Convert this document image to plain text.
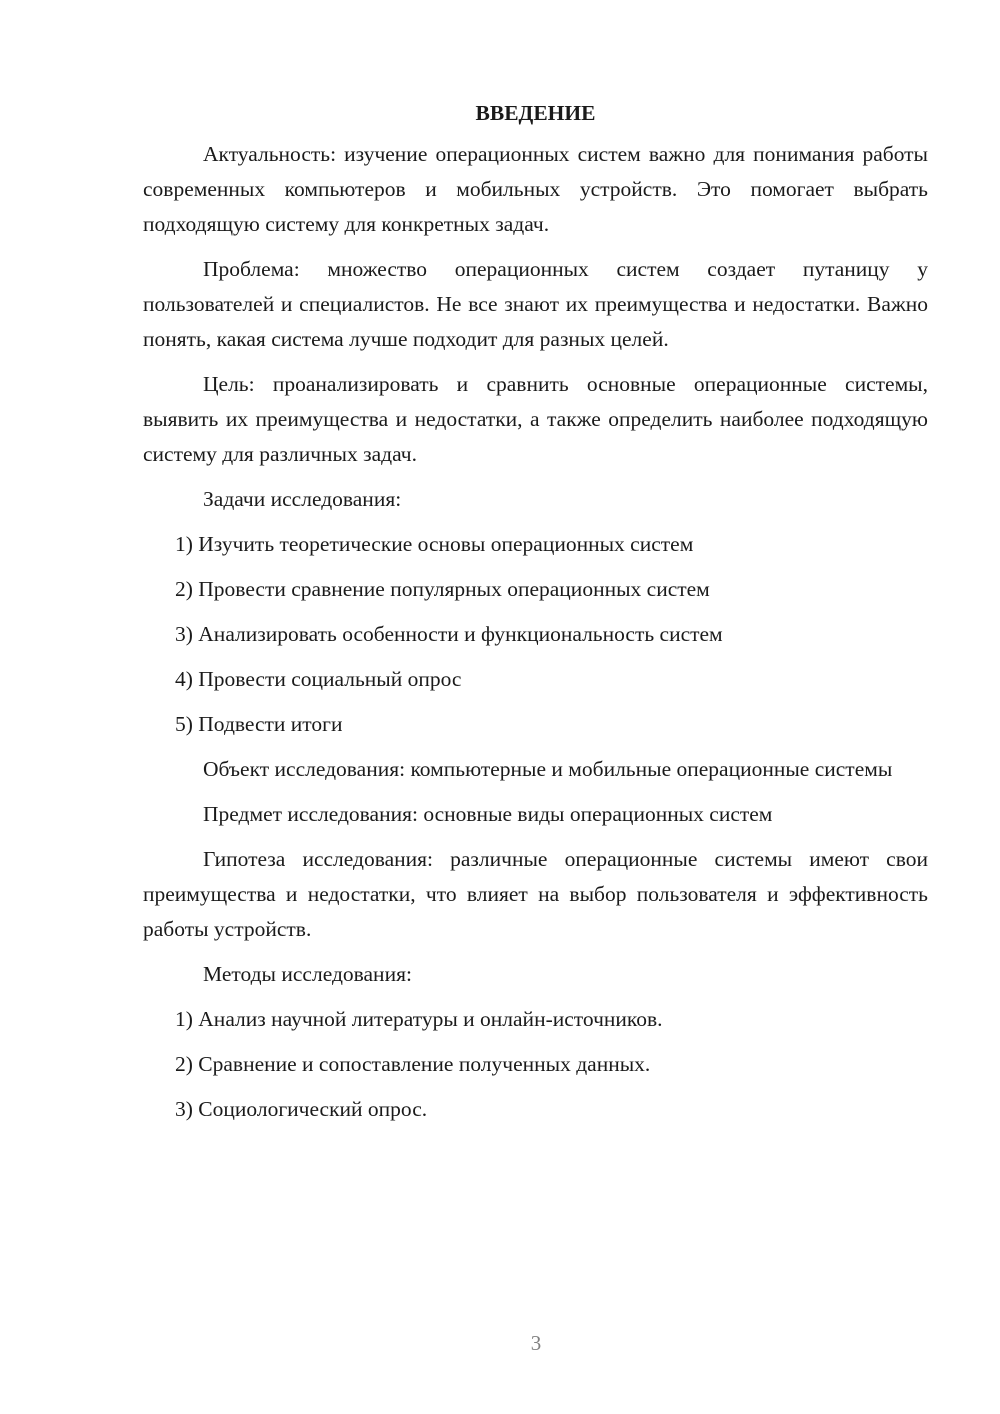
ВВЕДЕНИЕ

Актуальность: изучение операционных систем важно для понимания работы современных компьютеров и мобильных устройств. Это помогает выбрать подходящую систему для конкретных задач.

Проблема: множество операционных систем создает путаницу у пользователей и специалистов. Не все знают их преимущества и недостатки. Важно понять, какая система лучше подходит для разных целей.

Цель: проанализировать и сравнить основные операционные системы, выявить их преимущества и недостатки, а также определить наиболее подходящую систему для различных задач.

Задачи исследования:

1) Изучить теоретические основы операционных систем
2) Провести сравнение популярных операционных систем
3) Анализировать особенности и функциональность систем
4) Провести социальный опрос
5) Подвести итоги

Объект исследования: компьютерные и мобильные операционные системы

Предмет исследования: основные виды операционных систем

Гипотеза исследования: различные операционные системы имеют свои преимущества и недостатки, что влияет на выбор пользователя и эффективность работы устройств.

Методы исследования:

1) Анализ научной литературы и онлайн-источников.
2) Сравнение и сопоставление полученных данных.
3) Социологический опрос.
3
